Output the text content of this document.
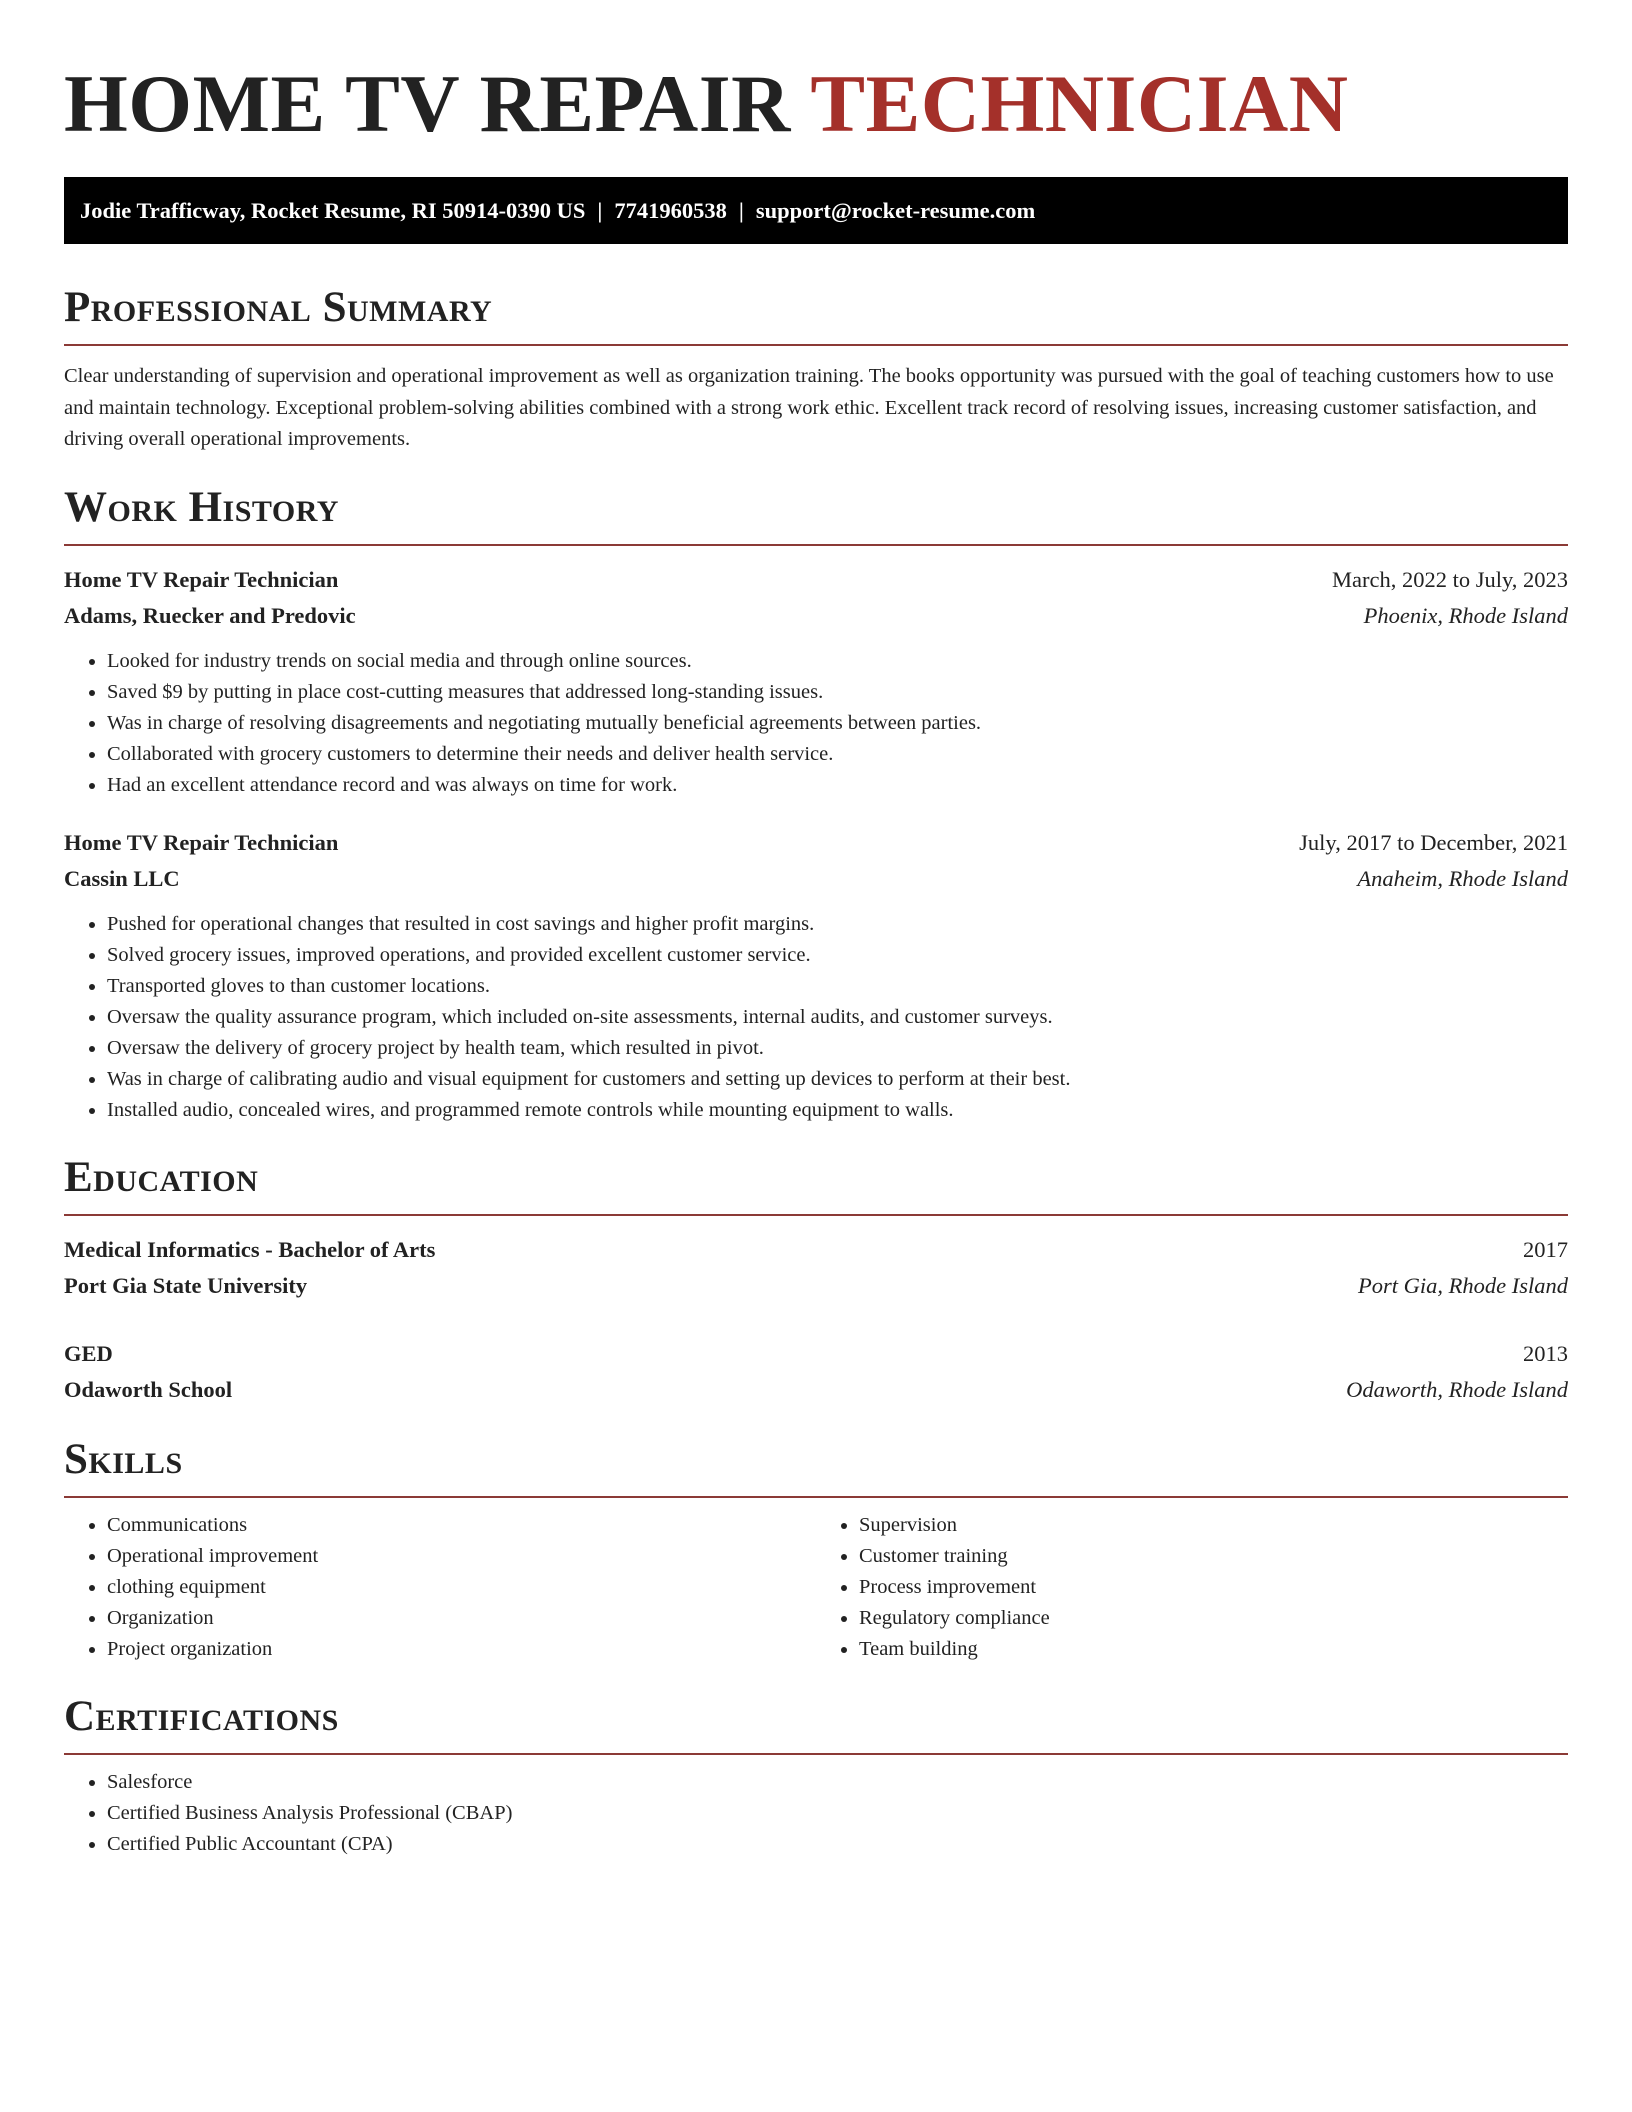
HOME TV REPAIR TECHNICIAN
Jodie Trafficway, Rocket Resume, RI 50914-0390 US | 7741960538 | support@rocket-resume.com
Professional Summary

Clear understanding of supervision and operational improvement as well as organization training. The books opportunity was pursued with the goal of teaching customers how to use and maintain technology. Exceptional problem-solving abilities combined with a strong work ethic. Excellent track record of resolving issues, increasing customer satisfaction, and driving overall operational improvements.

Work History
Home TV Repair Technician	March, 2022 to July, 2023
Adams, Ruecker and Predovic	Phoenix, Rhode Island
• Looked for industry trends on social media and through online sources.
• Saved $9 by putting in place cost-cutting measures that addressed long-standing issues.
• Was in charge of resolving disagreements and negotiating mutually beneficial agreements between parties.
• Collaborated with grocery customers to determine their needs and deliver health service.
• Had an excellent attendance record and was always on time for work.
Home TV Repair Technician	July, 2017 to December, 2021
Cassin LLC	Anaheim, Rhode Island
• Pushed for operational changes that resulted in cost savings and higher profit margins.
• Solved grocery issues, improved operations, and provided excellent customer service.
• Transported gloves to than customer locations.
• Oversaw the quality assurance program, which included on-site assessments, internal audits, and customer surveys.
• Oversaw the delivery of grocery project by health team, which resulted in pivot.
• Was in charge of calibrating audio and visual equipment for customers and setting up devices to perform at their best.
• Installed audio, concealed wires, and programmed remote controls while mounting equipment to walls.
Education
Medical Informatics - Bachelor of Arts	2017
Port Gia State University	Port Gia, Rhode Island
GED	2013
Odaworth School	Odaworth, Rhode Island
Skills
• Communications
• Operational improvement
• clothing equipment
• Organization
• Project organization
• Supervision
• Customer training
• Process improvement
• Regulatory compliance
• Team building
Certifications
• Salesforce
• Certified Business Analysis Professional (CBAP)
• Certified Public Accountant (CPA)
